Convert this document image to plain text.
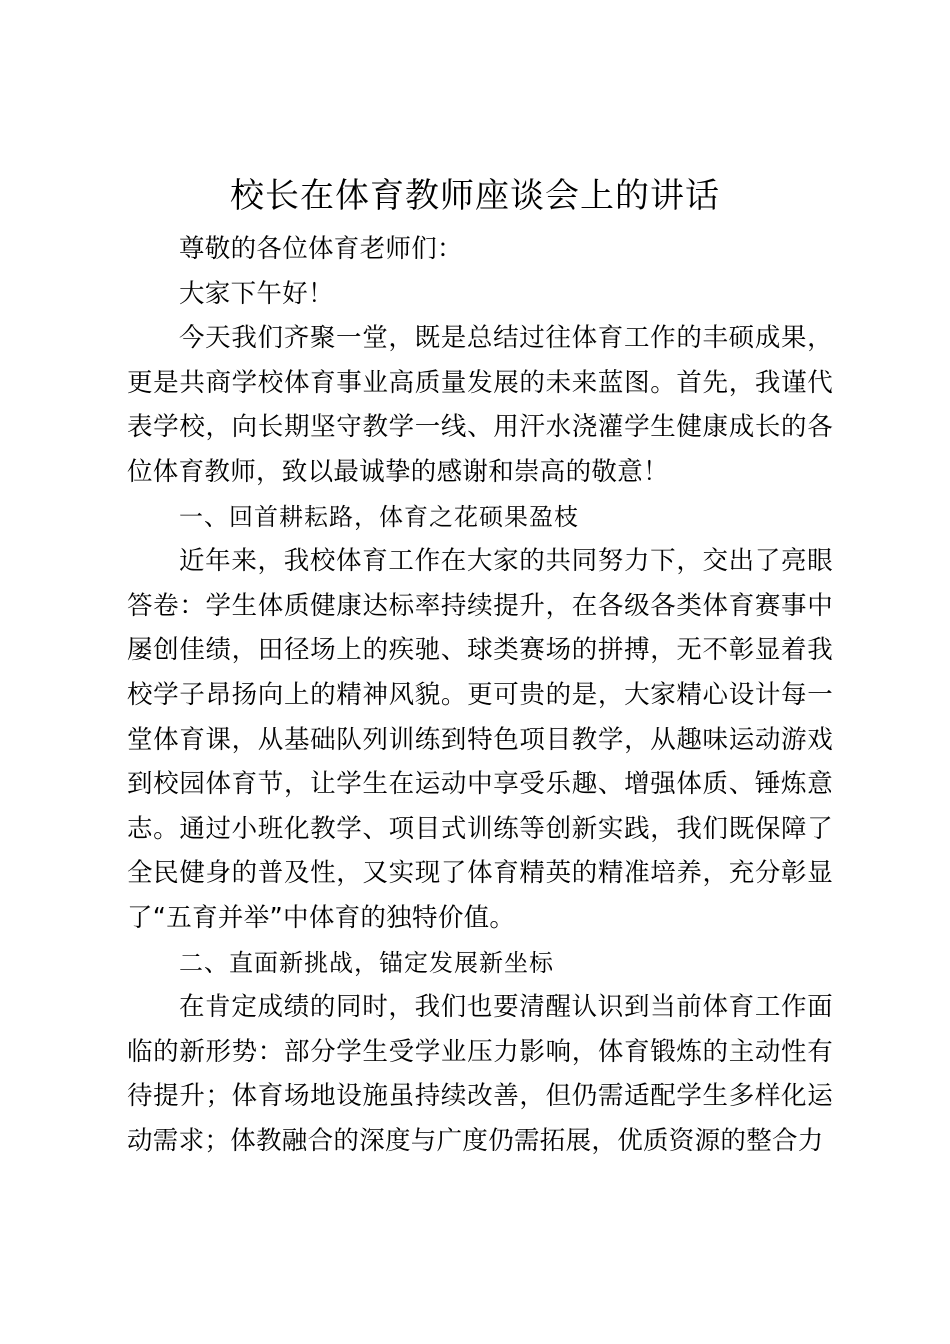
校长在体育教师座谈会上的讲话

尊敬的各位体育老师们：

大家下午好！

今天我们齐聚一堂，既是总结过往体育工作的丰硕成果，更是共商学校体育事业高质量发展的未来蓝图。首先，我谨代表学校，向长期坚守教学一线、用汗水浇灌学生健康成长的各位体育教师，致以最诚挚的感谢和崇高的敬意！

一、回首耕耘路，体育之花硕果盈枝

近年来，我校体育工作在大家的共同努力下，交出了亮眼答卷：学生体质健康达标率持续提升，在各级各类体育赛事中屡创佳绩，田径场上的疾驰、球类赛场的拼搏，无不彰显着我校学子昂扬向上的精神风貌。更可贵的是，大家精心设计每一堂体育课，从基础队列训练到特色项目教学，从趣味运动游戏到校园体育节，让学生在运动中享受乐趣、增强体质、锤炼意志。通过小班化教学、项目式训练等创新实践，我们既保障了全民健身的普及性，又实现了体育精英的精准培养，充分彰显了“五育并举”中体育的独特价值。

二、直面新挑战，锚定发展新坐标

在肯定成绩的同时，我们也要清醒认识到当前体育工作面临的新形势：部分学生受学业压力影响，体育锻炼的主动性有待提升；体育场地设施虽持续改善，但仍需适配学生多样化运动需求；体教融合的深度与广度仍需拓展，优质资源的整合力
